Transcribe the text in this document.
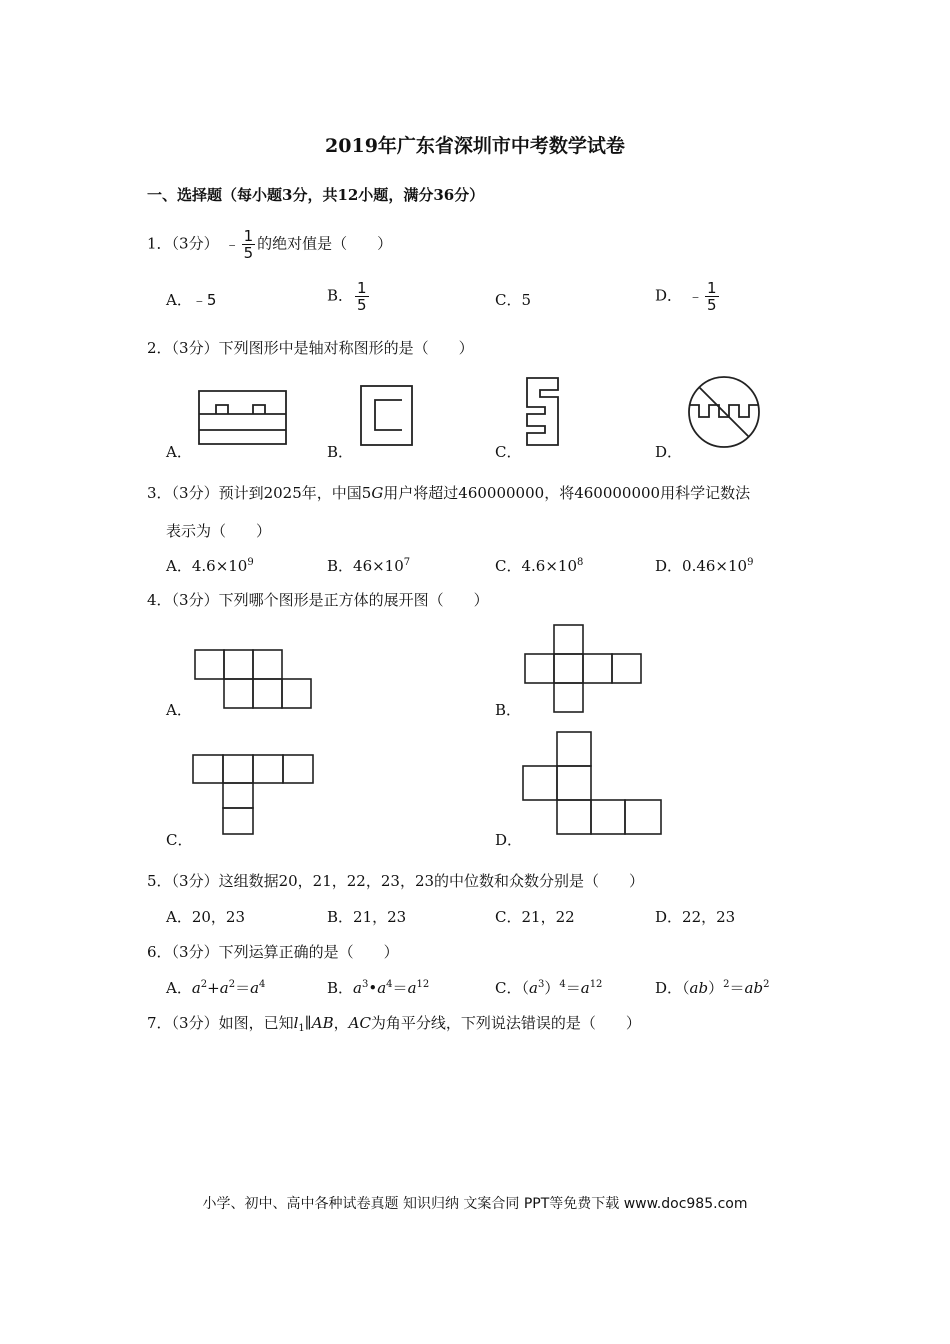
2019年广东省深圳市中考数学试卷
一、选择题（每小题3分，共12小题，满分36分）
1．（3分） ﹣ $\frac{1}{5}$ 的绝对值是（　　）
A．﹣5	B． $\frac{1}{5}$	C．5	D． ﹣ $\frac{1}{5}$
2．（3分）下列图形中是轴对称图形的是（　　）
A．	B．	C．	D．
3．（3分）预计到2025年，中国5G用户将超过460000000，将460000000用科学记数法
表示为（　　）
A．$4.6\times 10^9$	B．$46\times 10^7$	C．$4.6\times 10^8$	D．$0.46\times 10^9$
4．（3分）下列哪个图形是正方体的展开图（　　）
A．	B．
C．	D．
5．（3分）这组数据20，21，22，23，23的中位数和众数分别是（　　）
A．20，23	B．21，23	C．21，22	D．22，23
6．（3分）下列运算正确的是（　　）
A．$a^2+a^2=a^4$	B．$a^3•a^4=a^{12}$	C．$(a^3)^4=a^{12}$	D．$(ab)^2=ab^2$
7．（3分）如图，已知$l_1\parallel AB$，AC为角平分线，下列说法错误的是（　　）
小学、初中、高中各种试卷真题 知识归纳 文案合同 PPT等免费下载 www.doc985.com
